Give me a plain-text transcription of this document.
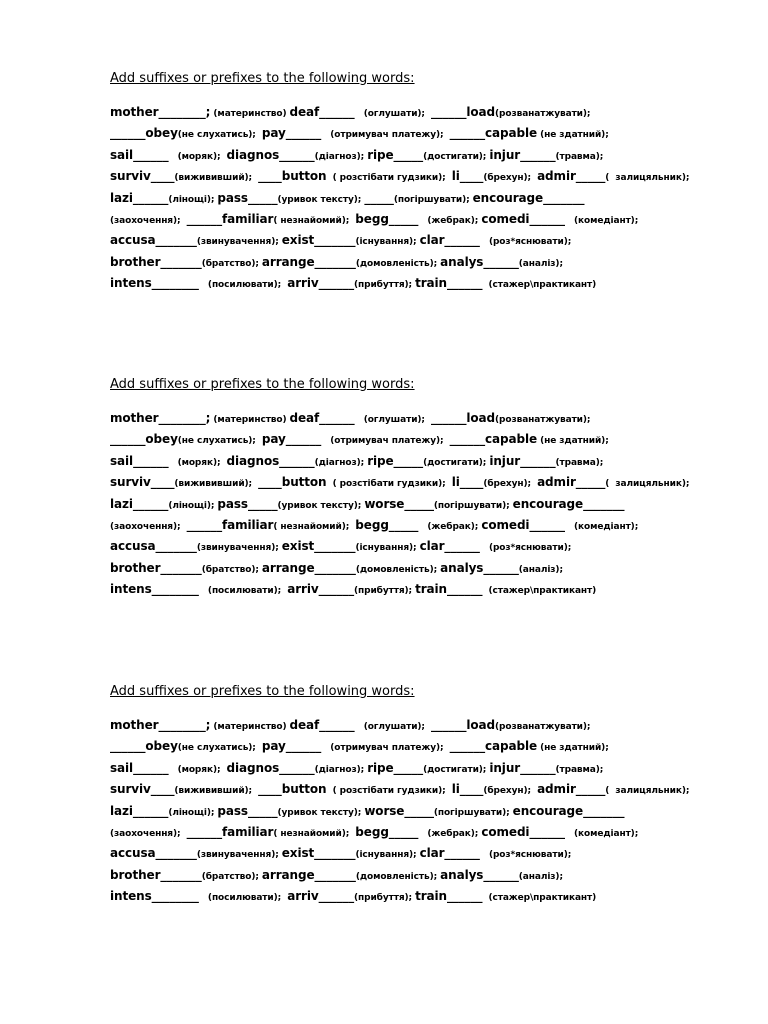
Add suffixes or prefixes to the following words:
mother________; (материнство) deaf______   (оглушати);  ______load(розванатжувати);
______obey(не слухатись);  pay______   (отримувач платежу);  ______capable (не здатний);
sail______   (моряк);  diagnos______(діагноз); ripe_____(достигати); injur______(травма);
surviv____(вижививший);  ____button  ( розстібати гудзики);  li____(брехун);  admir_____(  залицяльник);
lazi______(лінощі); pass_____(уривок тексту); _____(погіршувати); encourage_______
(заохочення);  ______familiar( незнайомий);  begg_____   (жебрак); comedi______   (комедіант);
accusa_______(звинувачення); exist_______(існування); clar______   (роз*яснювати);
brother_______(братство); arrange_______(домовленість); analys______(аналіз);
intens________   (посилювати);  arriv______(прибуття); train______  (стажер\практикант)
Add suffixes or prefixes to the following words:
mother________; (материнство) deaf______   (оглушати);  ______load(розванатжувати);
______obey(не слухатись);  pay______   (отримувач платежу);  ______capable (не здатний);
sail______   (моряк);  diagnos______(діагноз); ripe_____(достигати); injur______(травма);
surviv____(вижививший);  ____button  ( розстібати гудзики);  li____(брехун);  admir_____(  залицяльник);
lazi______(лінощі); pass_____(уривок тексту); worse_____(погіршувати); encourage_______
(заохочення);  ______familiar( незнайомий);  begg_____   (жебрак); comedi______   (комедіант);
accusa_______(звинувачення); exist_______(існування); clar______   (роз*яснювати);
brother_______(братство); arrange_______(домовленість); analys______(аналіз);
intens________   (посилювати);  arriv______(прибуття); train______  (стажер\практикант)
Add suffixes or prefixes to the following words:
mother________; (материнство) deaf______   (оглушати);  ______load(розванатжувати);
______obey(не слухатись);  pay______   (отримувач платежу);  ______capable (не здатний);
sail______   (моряк);  diagnos______(діагноз); ripe_____(достигати); injur______(травма);
surviv____(вижививший);  ____button  ( розстібати гудзики);  li____(брехун);  admir_____(  залицяльник);
lazi______(лінощі); pass_____(уривок тексту); worse_____(погіршувати); encourage_______
(заохочення);  ______familiar( незнайомий);  begg_____   (жебрак); comedi______   (комедіант);
accusa_______(звинувачення); exist_______(існування); clar______   (роз*яснювати);
brother_______(братство); arrange_______(домовленість); analys______(аналіз);
intens________   (посилювати);  arriv______(прибуття); train______  (стажер\практикант)
